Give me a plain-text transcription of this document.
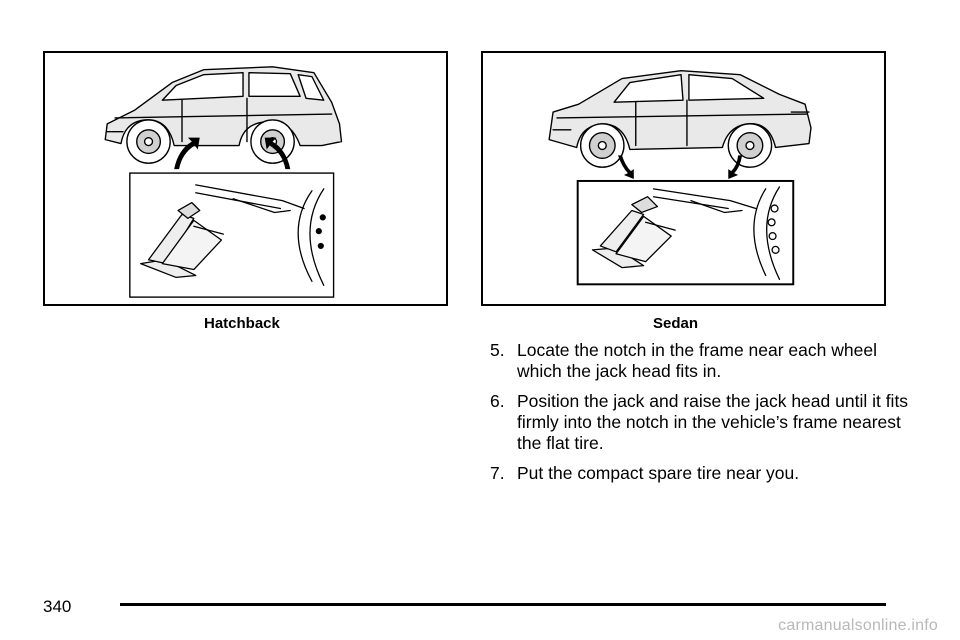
Hatchback	Sedan
5. Locate the notch in the frame near each wheel which the jack head fits in.
6. Position the jack and raise the jack head until it fits firmly into the notch in the vehicle’s frame nearest the flat tire.
7. Put the compact spare tire near you.
340
carmanualsonline.info
